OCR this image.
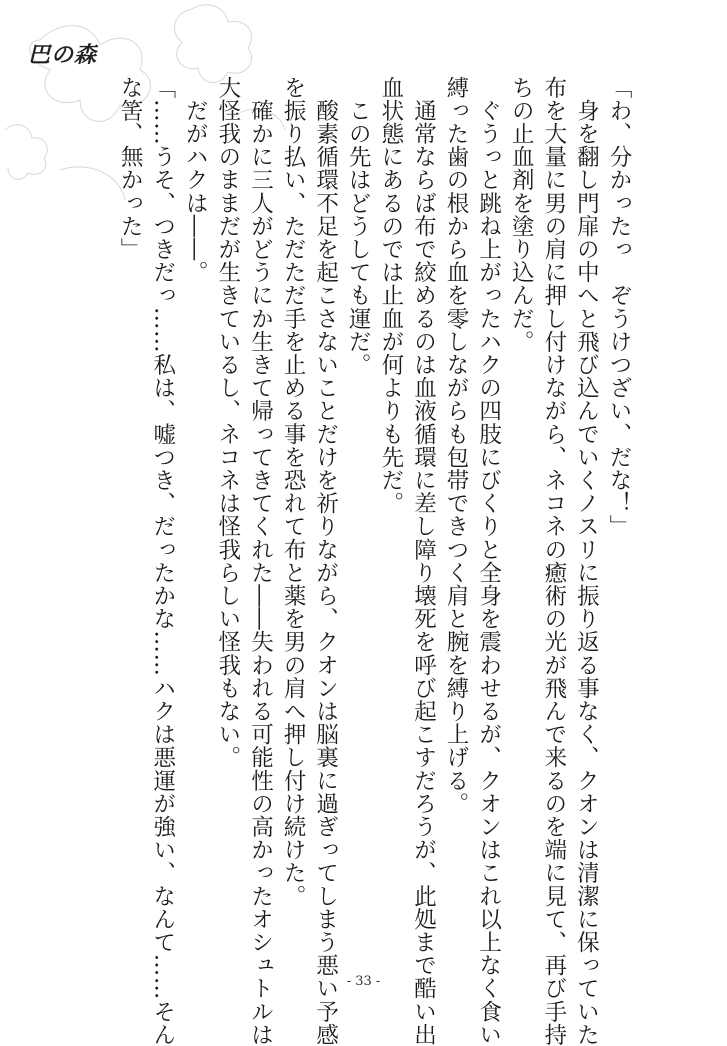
巴の森

「わ、分かったっ　ぞうけつざい、だな！」

　身を翻し門扉の中へと飛び込んでいくノスリに振り返る事なく、クオンは清潔に保っていた

布を大量に男の肩に押し付けながら、ネコネの癒術の光が飛んで来るのを端に見て、再び手持

ちの止血剤を塗り込んだ。

　ぐうっと跳ね上がったハクの四肢にびくりと全身を震わせるが、クオンはこれ以上なく食い

縛った歯の根から血を零しながらも包帯できつく肩と腕を縛り上げる。

　通常ならば布で絞めるのは血液循環に差し障り壊死を呼び起こすだろうが、此処まで酷い出

血状態にあるのでは止血が何よりも先だ。

　この先はどうしても運だ。

　酸素循環不足を起こさないことだけを祈りながら、クオンは脳裏に過ぎってしまう悪い予感

を振り払い、ただただ手を止める事を恐れて布と薬を男の肩へ押し付け続けた。

　確かに三人がどうにか生きて帰ってきてくれた――失われる可能性の高かったオシュトルは

大怪我のままだが生きているし、ネコネは怪我らしい怪我もない。

　だがハクは――。

「……うそ、つきだっ……私は、嘘つき、だったかな……ハクは悪運が強い、なんて……そん

な筈、無かった」

- 33 -
